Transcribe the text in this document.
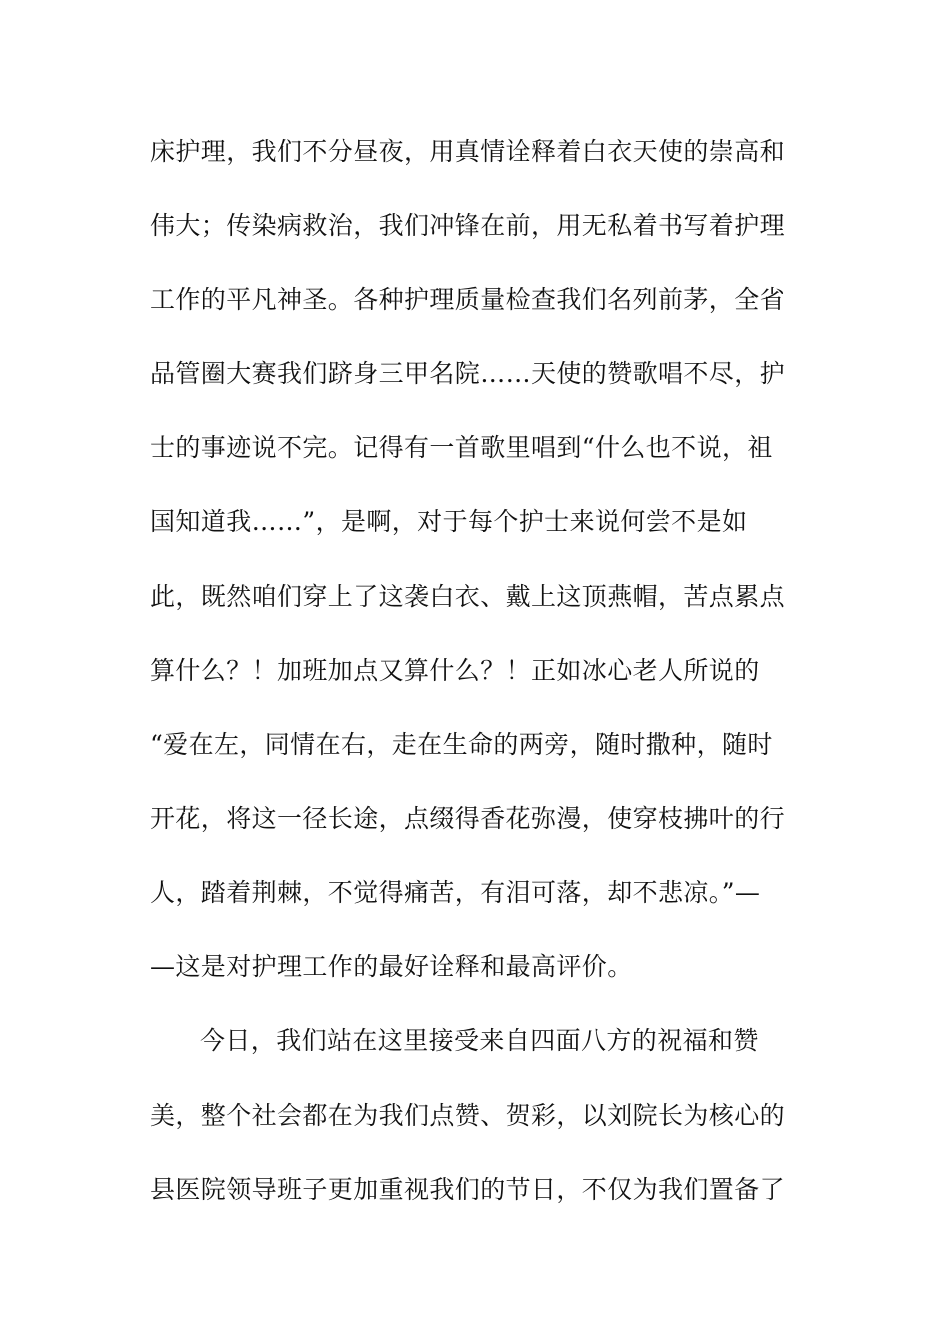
床护理，我们不分昼夜，用真情诠释着白衣天使的崇高和
伟大；传染病救治，我们冲锋在前，用无私着书写着护理
工作的平凡神圣。各种护理质量检查我们名列前茅，全省
品管圈大赛我们跻身三甲名院……天使的赞歌唱不尽，护
士的事迹说不完。记得有一首歌里唱到“什么也不说，祖
国知道我……”，是啊，对于每个护士来说何尝不是如
此，既然咱们穿上了这袭白衣、戴上这顶燕帽，苦点累点
算什么？！加班加点又算什么？！正如冰心老人所说的
“爱在左，同情在右，走在生命的两旁，随时撒种，随时
开花，将这一径长途，点缀得香花弥漫，使穿枝拂叶的行
人，踏着荆棘，不觉得痛苦，有泪可落，却不悲凉。”—
—这是对护理工作的最好诠释和最高评价。
今日，我们站在这里接受来自四面八方的祝福和赞
美，整个社会都在为我们点赞、贺彩，以刘院长为核心的
县医院领导班子更加重视我们的节日，不仅为我们置备了
